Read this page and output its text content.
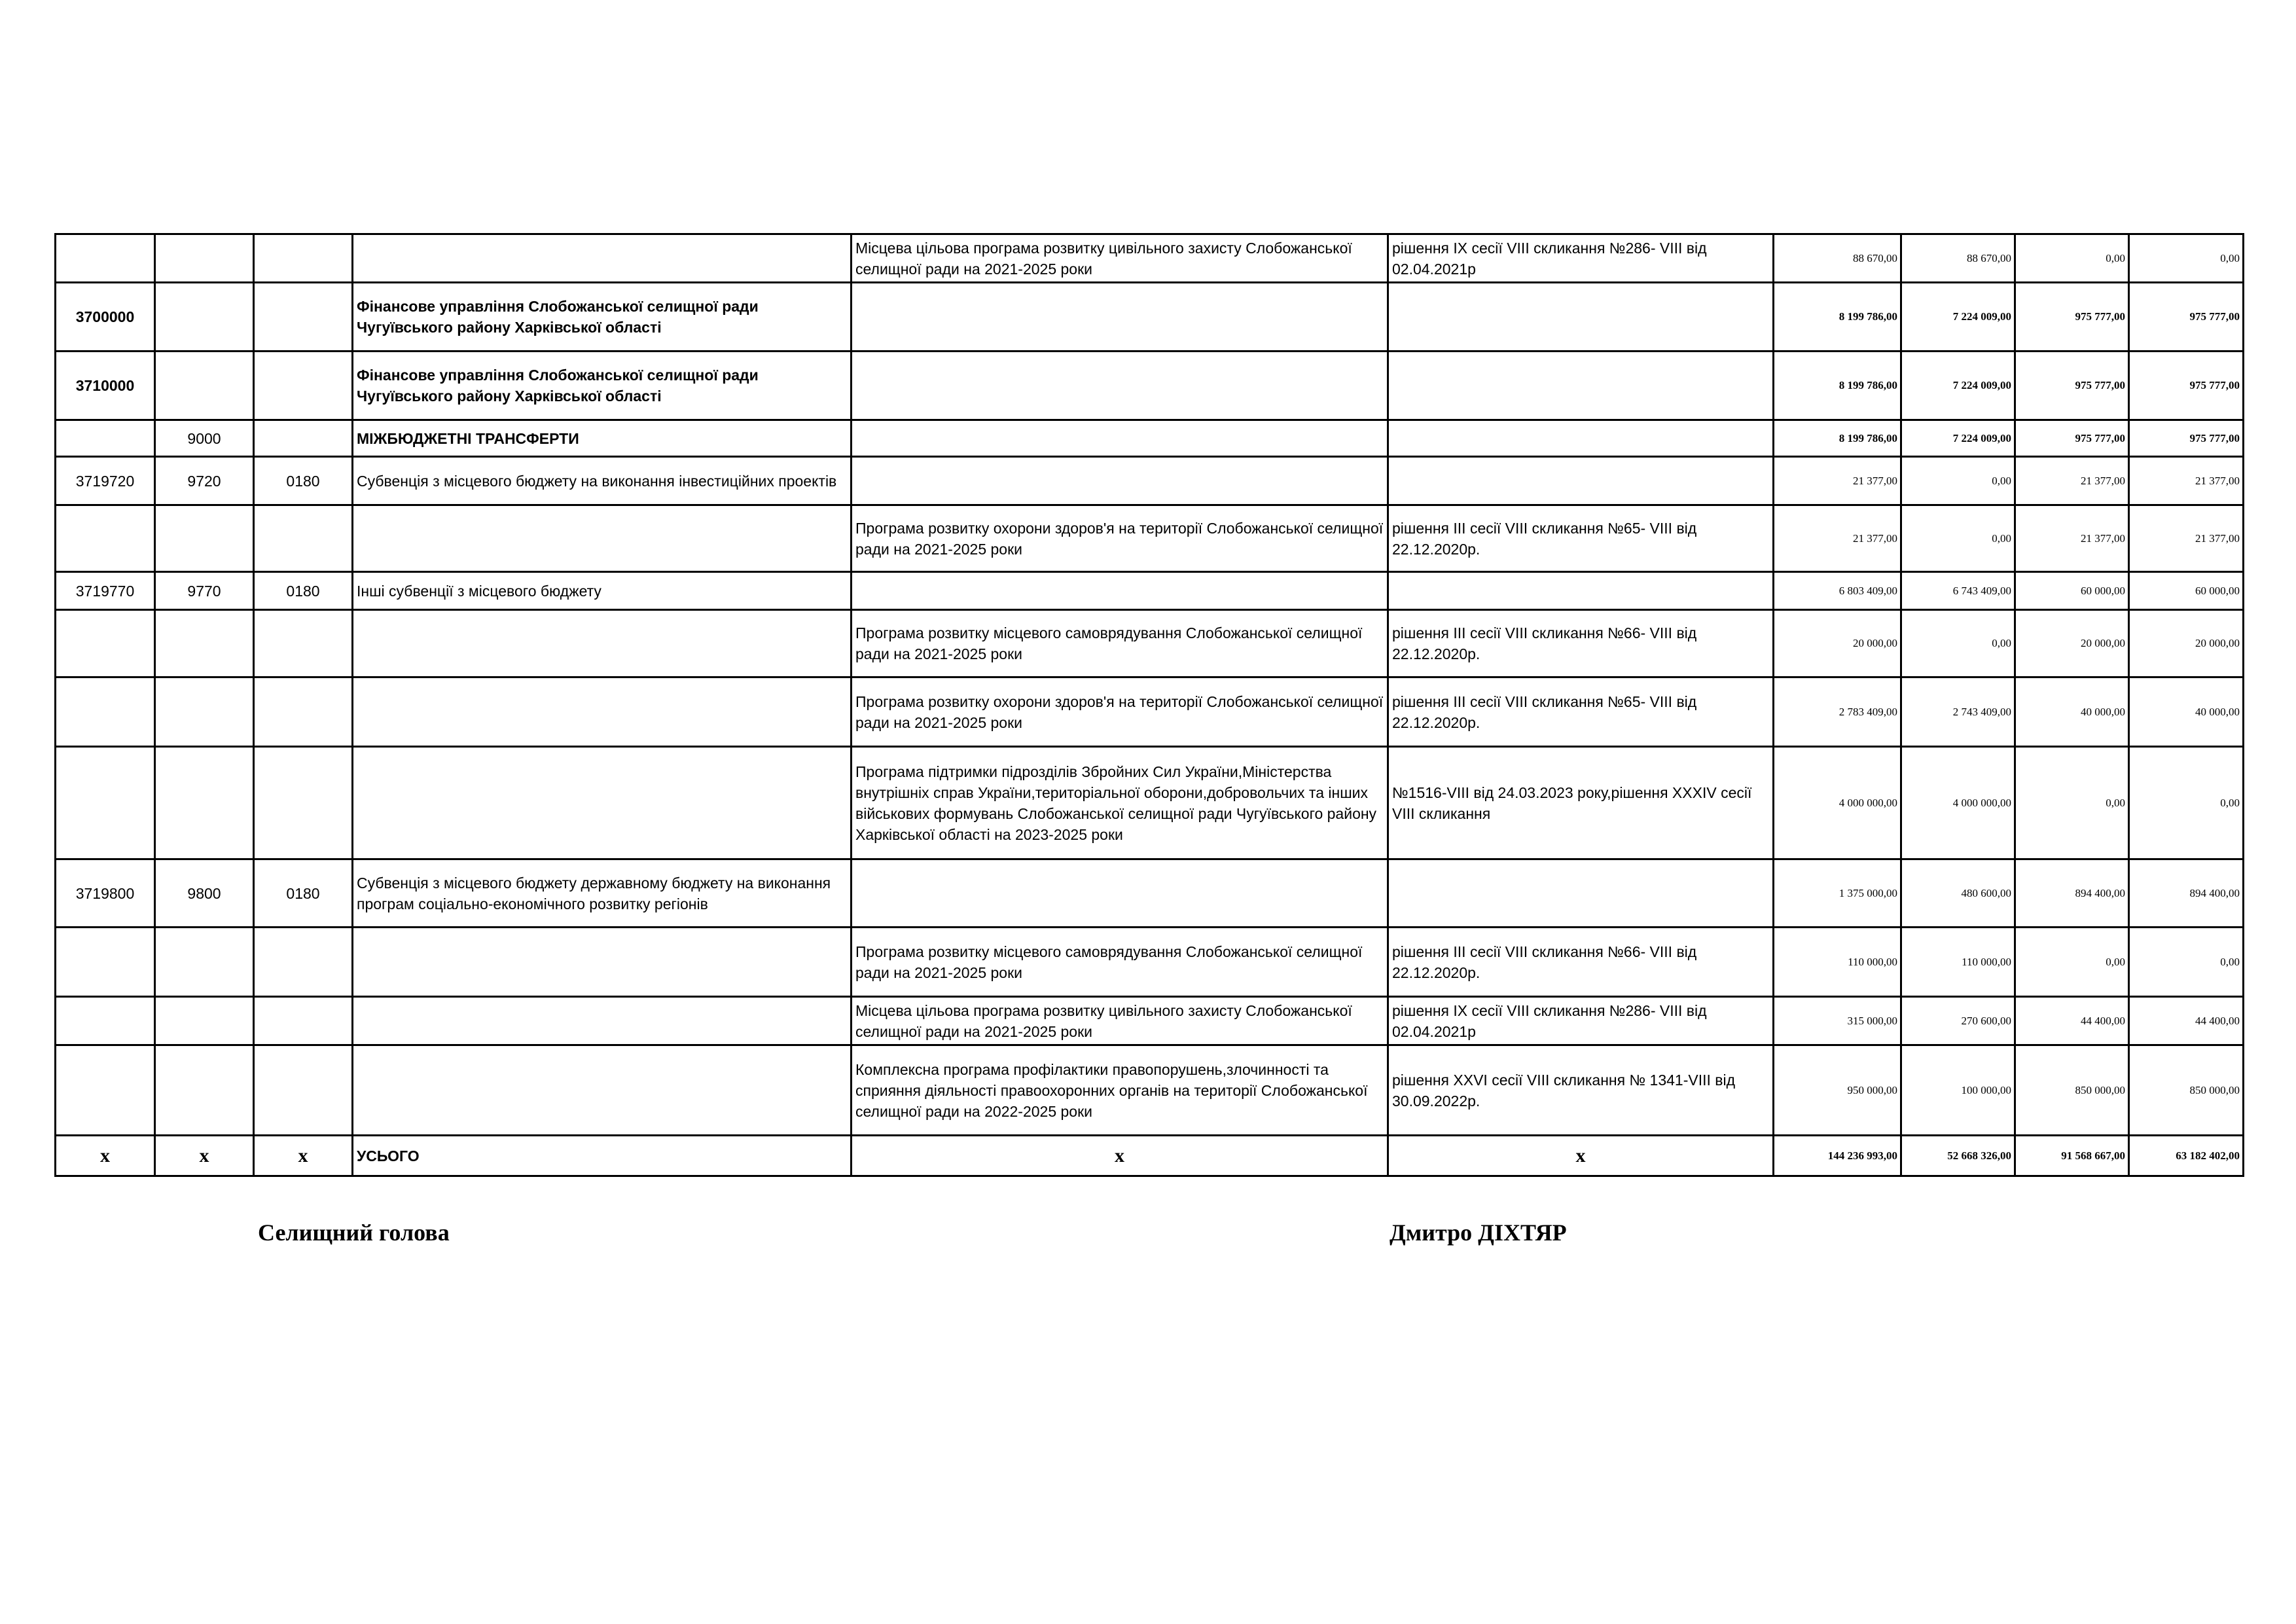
				Місцева цільова програма розвитку цивільного захисту Слобожанської селищної ради на 2021-2025 роки	рішення IX сесії VIII скликання №286- VIII від 02.04.2021р	88 670,00	88 670,00	0,00	0,00
3700000			Фінансове управління Слобожанської селищної ради Чугуївського району Харківської області			8 199 786,00	7 224 009,00	975 777,00	975 777,00
3710000			Фінансове управління Слобожанської селищної ради Чугуївського району Харківської області			8 199 786,00	7 224 009,00	975 777,00	975 777,00
	9000		МІЖБЮДЖЕТНІ ТРАНСФЕРТИ			8 199 786,00	7 224 009,00	975 777,00	975 777,00
3719720	9720	0180	Субвенція з місцевого бюджету на виконання інвестиційних проектів			21 377,00	0,00	21 377,00	21 377,00
				Програма розвитку охорони здоров'я на території Слобожанської селищної ради на 2021-2025 роки	рішення III сесії VIII скликання №65- VIII від 22.12.2020р.	21 377,00	0,00	21 377,00	21 377,00
3719770	9770	0180	Інші субвенції з місцевого бюджету			6 803 409,00	6 743 409,00	60 000,00	60 000,00
				Програма розвитку місцевого самоврядування Слобожанської селищної ради на 2021-2025 роки	рішення III сесії VIII скликання №66- VIII від 22.12.2020р.	20 000,00	0,00	20 000,00	20 000,00
				Програма розвитку охорони здоров'я на території Слобожанської селищної ради на 2021-2025 роки	рішення III сесії VIII скликання №65- VIII від 22.12.2020р.	2 783 409,00	2 743 409,00	40 000,00	40 000,00
				Програма підтримки підрозділів Збройних Сил України,Міністерства внутрішніх справ України,територіальної оборони,добровольчих та інших військових формувань Слобожанської селищної ради Чугуївського району Харківської області на 2023-2025 роки	№1516-VIII від 24.03.2023 року,рішення XXXIV сесії VIII скликання	4 000 000,00	4 000 000,00	0,00	0,00
3719800	9800	0180	Субвенція з місцевого бюджету державному бюджету на виконання програм соціально-економічного розвитку регіонів			1 375 000,00	480 600,00	894 400,00	894 400,00
				Програма розвитку місцевого самоврядування Слобожанської селищної ради на 2021-2025 роки	рішення III сесії VIII скликання №66- VIII від 22.12.2020р.	110 000,00	110 000,00	0,00	0,00
				Місцева цільова програма розвитку цивільного захисту Слобожанської селищної ради на 2021-2025 роки	рішення IX сесії VIII скликання №286- VIII від 02.04.2021р	315 000,00	270 600,00	44 400,00	44 400,00
				Комплексна програма профілактики правопорушень,злочинності та сприяння діяльності правоохоронних органів на території Слобожанської селищної ради на 2022-2025 роки	рішення XXVI сесії VIII скликання № 1341-VIII від 30.09.2022р.	950 000,00	100 000,00	850 000,00	850 000,00
x	x	x	УСЬОГО	x	x	144 236 993,00	52 668 326,00	91 568 667,00	63 182 402,00
Селищний голова	Дмитро ДІХТЯР
